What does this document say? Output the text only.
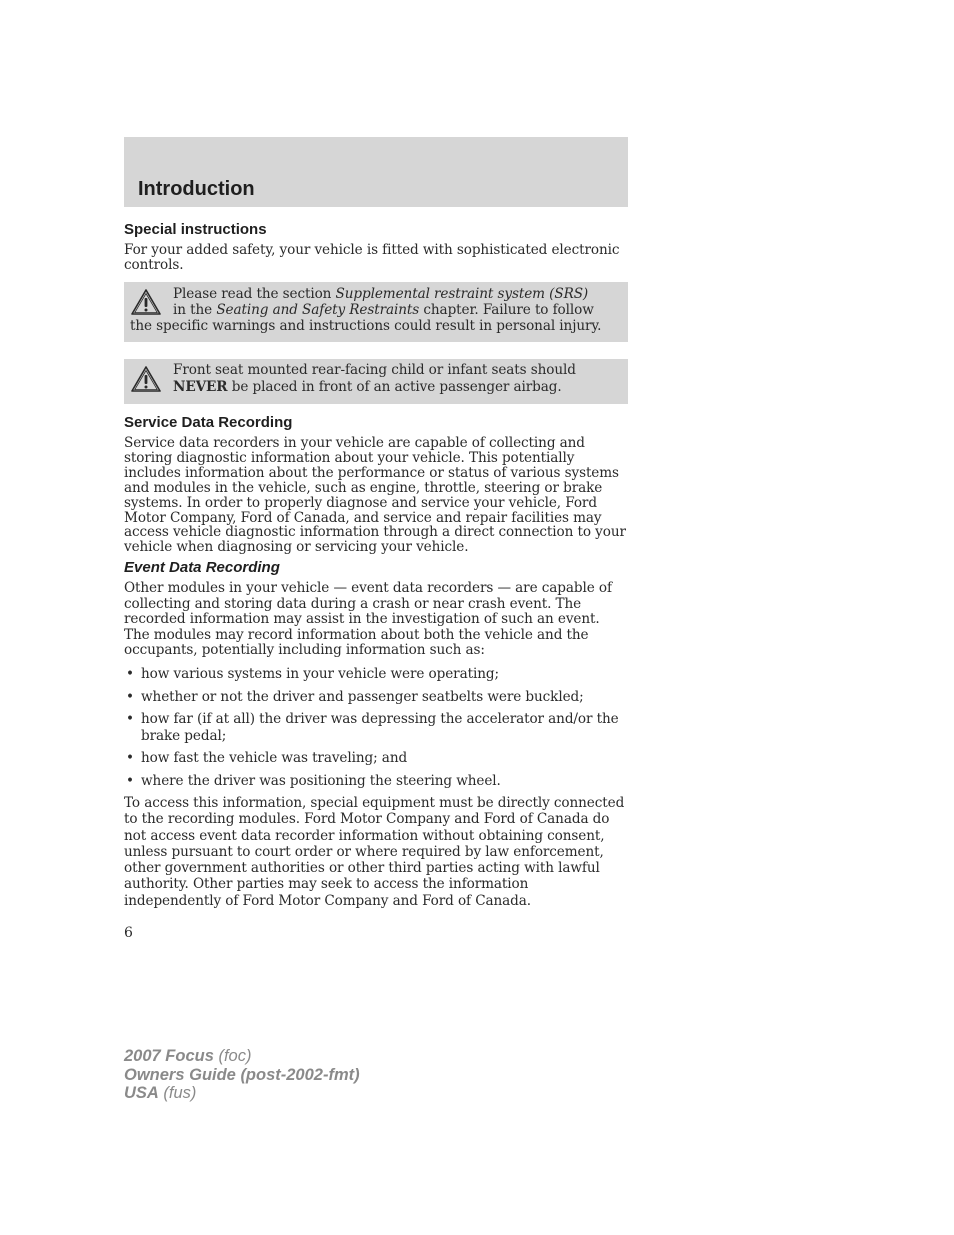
Introduction
Special instructions
For your added safety, your vehicle is fitted with sophisticated electronic
controls.
Please read the section Supplemental restraint system (SRS)
in the Seating and Safety Restraints chapter. Failure to follow
the specific warnings and instructions could result in personal injury.
Front seat mounted rear-facing child or infant seats should
NEVER be placed in front of an active passenger airbag.
Service Data Recording
Service data recorders in your vehicle are capable of collecting and
storing diagnostic information about your vehicle. This potentially
includes information about the performance or status of various systems
and modules in the vehicle, such as engine, throttle, steering or brake
systems. In order to properly diagnose and service your vehicle, Ford
Motor Company, Ford of Canada, and service and repair facilities may
access vehicle diagnostic information through a direct connection to your
vehicle when diagnosing or servicing your vehicle.
Event Data Recording
Other modules in your vehicle — event data recorders — are capable of
collecting and storing data during a crash or near crash event. The
recorded information may assist in the investigation of such an event.
The modules may record information about both the vehicle and the
occupants, potentially including information such as:
• how various systems in your vehicle were operating;
• whether or not the driver and passenger seatbelts were buckled;
• how far (if at all) the driver was depressing the accelerator and/or the
brake pedal;
• how fast the vehicle was traveling; and
• where the driver was positioning the steering wheel.
To access this information, special equipment must be directly connected
to the recording modules. Ford Motor Company and Ford of Canada do
not access event data recorder information without obtaining consent,
unless pursuant to court order or where required by law enforcement,
other government authorities or other third parties acting with lawful
authority. Other parties may seek to access the information
independently of Ford Motor Company and Ford of Canada.
6
2007 Focus (foc)
Owners Guide (post-2002-fmt)
USA (fus)
